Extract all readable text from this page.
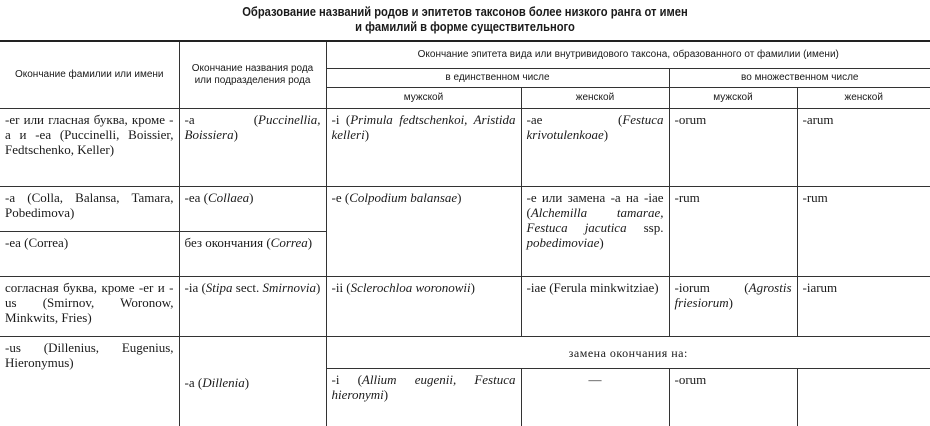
Образование названий родов и эпитетов таксонов более низкого ранга от имен
и фамилий в форме существительного
Окончание фамилии или имени	Окончание названия рода или подразделения рода	Окончание эпитета вида или внутривидового таксона, образованного от фамилии (имени)			
		в единственном числе		во множественном числе	
		мужской	женской	мужской	женской
-er или гласная буква, кроме -a и -ea (Puccinelli, Boissier, Fedtschenko, Keller)	-a (Puccinellia, Boissiera)	-i (Primula fedtschenkoi, Aristida kelleri)	-ae (Festuca krivotulenkoae)	-orum	-arum
-a (Colla, Balansa, Tamara, Pobedimova)	-ea (Collaea)	-e (Colpodium balansae)	-e или замена -a на -iae (Alchemilla tamarae, Festuca jacutica ssp. pobedimoviae)	-rum	-rum
-ea (Correa)	без окончания (Correa)				
согласная буква, кроме -er и -us (Smirnov, Woronow, Minkwits, Fries)	-ia (Stipa sect. Smirnovia)	-ii (Sclerochloa woronowii)	-iae (Ferula minkwitziae)	-iorum (Agrostis friesiorum)	-iarum
-us (Dillenius, Eugenius, Hieronymus)	-a (Dillenia)	замена окончания на:			
		-i (Allium eugenii, Festuca hieronymi)	—	-orum	
